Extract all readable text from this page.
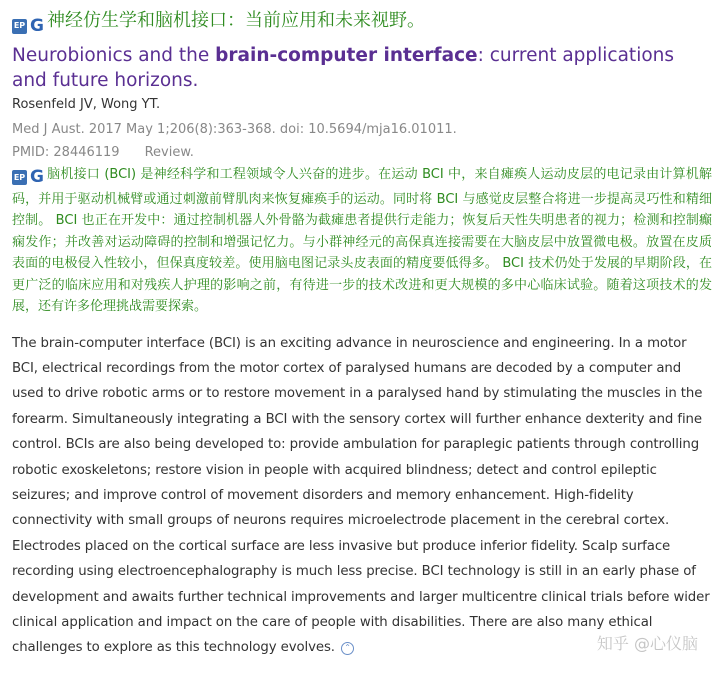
EP G 神经仿生学和脑机接口：当前应用和未来视野。
Neurobionics and the brain-computer interface: current applications and future horizons.
Rosenfeld JV, Wong YT.
Med J Aust. 2017 May 1;206(8):363-368. doi: 10.5694/mja16.01011.
PMID: 28446119 Review.
EP G 脑机接口 (BCI) 是神经科学和工程领域令人兴奋的进步。在运动 BCI 中，来自瘫痪人运动皮层的电记录由计算机解码，并用于驱动机械臂或通过刺激前臂肌肉来恢复瘫痪手的运动。同时将 BCI 与感觉皮层整合将进一步提高灵巧性和精细控制。 BCI 也正在开发中：通过控制机器人外骨骼为截瘫患者提供行走能力；恢复后天性失明患者的视力；检测和控制癫痫发作；并改善对运动障碍的控制和增强记忆力。与小群神经元的高保真连接需要在大脑皮层中放置微电极。放置在皮质表面的电极侵入性较小，但保真度较差。使用脑电图记录头皮表面的精度要低得多。 BCI 技术仍处于发展的早期阶段，在更广泛的临床应用和对残疾人护理的影响之前，有待进一步的技术改进和更大规模的多中心临床试验。随着这项技术的发展，还有许多伦理挑战需要探索。
The brain-computer interface (BCI) is an exciting advance in neuroscience and engineering. In a motor BCI, electrical recordings from the motor cortex of paralysed humans are decoded by a computer and used to drive robotic arms or to restore movement in a paralysed hand by stimulating the muscles in the forearm. Simultaneously integrating a BCI with the sensory cortex will further enhance dexterity and fine control. BCIs are also being developed to: provide ambulation for paraplegic patients through controlling robotic exoskeletons; restore vision in people with acquired blindness; detect and control epileptic seizures; and improve control of movement disorders and memory enhancement. High-fidelity connectivity with small groups of neurons requires microelectrode placement in the cerebral cortex. Electrodes placed on the cortical surface are less invasive but produce inferior fidelity. Scalp surface recording using electroencephalography is much less precise. BCI technology is still in an early phase of development and awaits further technical improvements and larger multicentre clinical trials before wider clinical application and impact on the care of people with disabilities. There are also many ethical challenges to explore as this technology evolves. ⌃	知乎 @心仪脑
